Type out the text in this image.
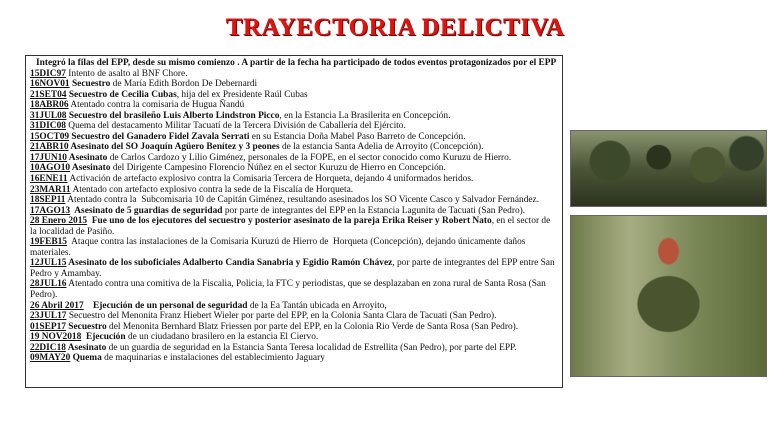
TRAYECTORIA DELICTIVA
Integró la filas del EPP, desde su mismo comienzo . A partir de la fecha ha participado de todos eventos protagonizados por el EPP
15DIC97 Intento de asalto al BNF Chore.
16NOV01 Secuestro de María Edith Bordon De Debernardi
21SET04 Secuestro de Cecilia Cubas, hija del ex Presidente Raúl Cubas
18ABR06 Atentado contra la comisaria de Hugua Ñandú
31JUL08 Secuestro del brasileño Luis Alberto Lindstron Picco, en la Estancia La Brasilerita en Concepción.
31DIC08 Quema del destacamento Militar Tacuatí de la Tercera División de Caballería del Ejército.
15OCT09 Secuestro del Ganadero Fidel Zavala Serrati en su Estancia Doña Mabel Paso Barreto de Concepción.
21ABR10 Asesinato del SO Joaquín Agüero Benítez y 3 peones de la estancia Santa Adelia de Arroyito (Concepción).
17JUN10 Asesinato de Carlos Cardozo y Lilio Giménez, personales de la FOPE, en el sector conocido como Kuruzu de Hierro.
10AGO10 Asesinato del Dirigente Campesino Florencio Núñez en el sector Kuruzu de Hierro en Concepción.
16ENE11 Activación de artefacto explosivo contra la Comisaria Tercera de Horqueta, dejando 4 uniformados heridos.
23MAR11 Atentado con artefacto explosivo contra la sede de la Fiscalía de Horqueta.
18SEP11 Atentado contra la  Subcomisaria 10 de Capitán Giménez, resultando asesinados los SO Vicente Casco y Salvador Fernández.
17AGO13  Asesinato de 5 guardias de seguridad por parte de integrantes del EPP en la Estancia Lagunita de Tacuati (San Pedro).
28 Enero 2015  Fue uno de los ejecutores del secuestro y posterior asesinato de la pareja Erika Reiser y Robert Nato, en el sector de la localidad de Pasiño.
19FEB15  Ataque contra las instalaciones de la Comisaria Kuruzú de Hierro de  Horqueta (Concepción), dejando únicamente daños materiales.
12JUL15 Asesinato de los suboficiales Adalberto Candia Sanabria y Egidio Ramón Chávez, por parte de integrantes del EPP entre San Pedro y Amambay.
28JUL16 Atentado contra una comitiva de la Fiscalia, Policia, la FTC y periodistas, que se desplazaban en zona rural de Santa Rosa (San Pedro).
26 Abril 2017    Ejecución de un personal de seguridad de la Ea Tantán ubicada en Arroyito,
23JUL17 Secuestro del Menonita Franz Hiebert Wieler por parte del EPP, en la Colonia Santa Clara de Tacuati (San Pedro).
01SEP17 Secuestro del Menonita Bernhard Blatz Friessen por parte del EPP, en la Colonia Rio Verde de Santa Rosa (San Pedro).
19 NOV2018  Ejecución de un ciudadano brasilero en la estancia El Ciervo.
22DIC18 Asesinato de un guardia de seguridad en la Estancia Santa Teresa localidad de Estrellita (San Pedro), por parte del EPP.
09MAY20 Quema de maquinarias e instalaciones del establecimiento Jaguary
